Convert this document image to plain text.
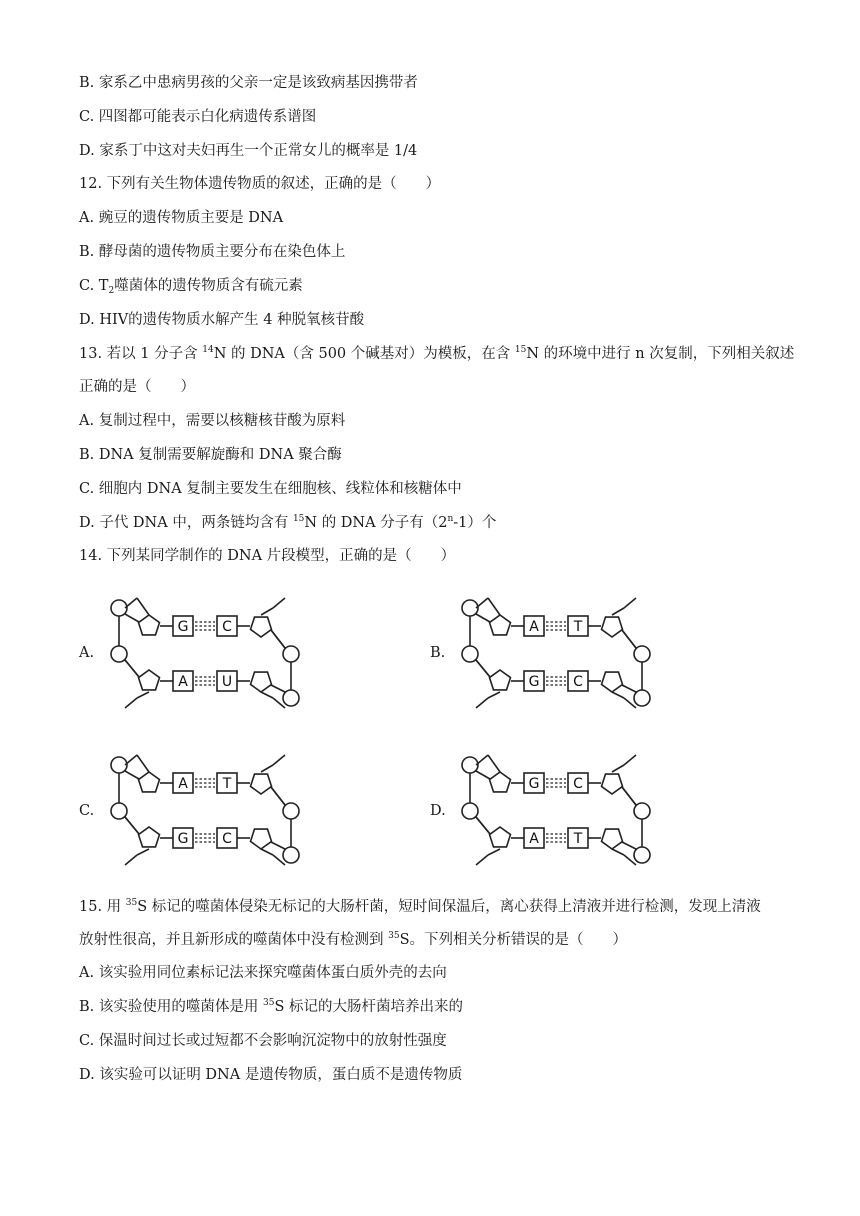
B. 家系乙中患病男孩的父亲一定是该致病基因携带者
C. 四图都可能表示白化病遗传系谱图
D. 家系丁中这对夫妇再生一个正常女儿的概率是 1/4
12. 下列有关生物体遗传物质的叙述，正确的是（　　）
A. 豌豆的遗传物质主要是 DNA
B. 酵母菌的遗传物质主要分布在染色体上
C. $T_2$噬菌体的遗传物质含有硫元素
D. HIV的遗传物质水解产生 4 种脱氧核苷酸
13. 若以 1 分子含 $^{14}$N 的 DNA（含 500 个碱基对）为模板，在含 $^{15}$N 的环境中进行 n 次复制，下列相关叙述
正确的是（　　）
A. 复制过程中，需要以核糖核苷酸为原料
B. DNA 复制需要解旋酶和 DNA 聚合酶
C. 细胞内 DNA 复制主要发生在细胞核、线粒体和核糖体中
D. 子代 DNA 中，两条链均含有 $^{15}$N 的 DNA 分子有（2$^n$-1）个
14. 下列某同学制作的 DNA 片段模型，正确的是（　　）
A.	B.
C.	D.
G C
A U
A T
G C
A T
G C
G C
A T
15. 用 $^{35}$S 标记的噬菌体侵染无标记的大肠杆菌，短时间保温后，离心获得上清液并进行检测，发现上清液
放射性很高，并且新形成的噬菌体中没有检测到 $^{35}$S。下列相关分析错误的是（　　）
A. 该实验用同位素标记法来探究噬菌体蛋白质外壳的去向
B. 该实验使用的噬菌体是用 $^{35}$S 标记的大肠杆菌培养出来的
C. 保温时间过长或过短都不会影响沉淀物中的放射性强度
D. 该实验可以证明 DNA 是遗传物质，蛋白质不是遗传物质
